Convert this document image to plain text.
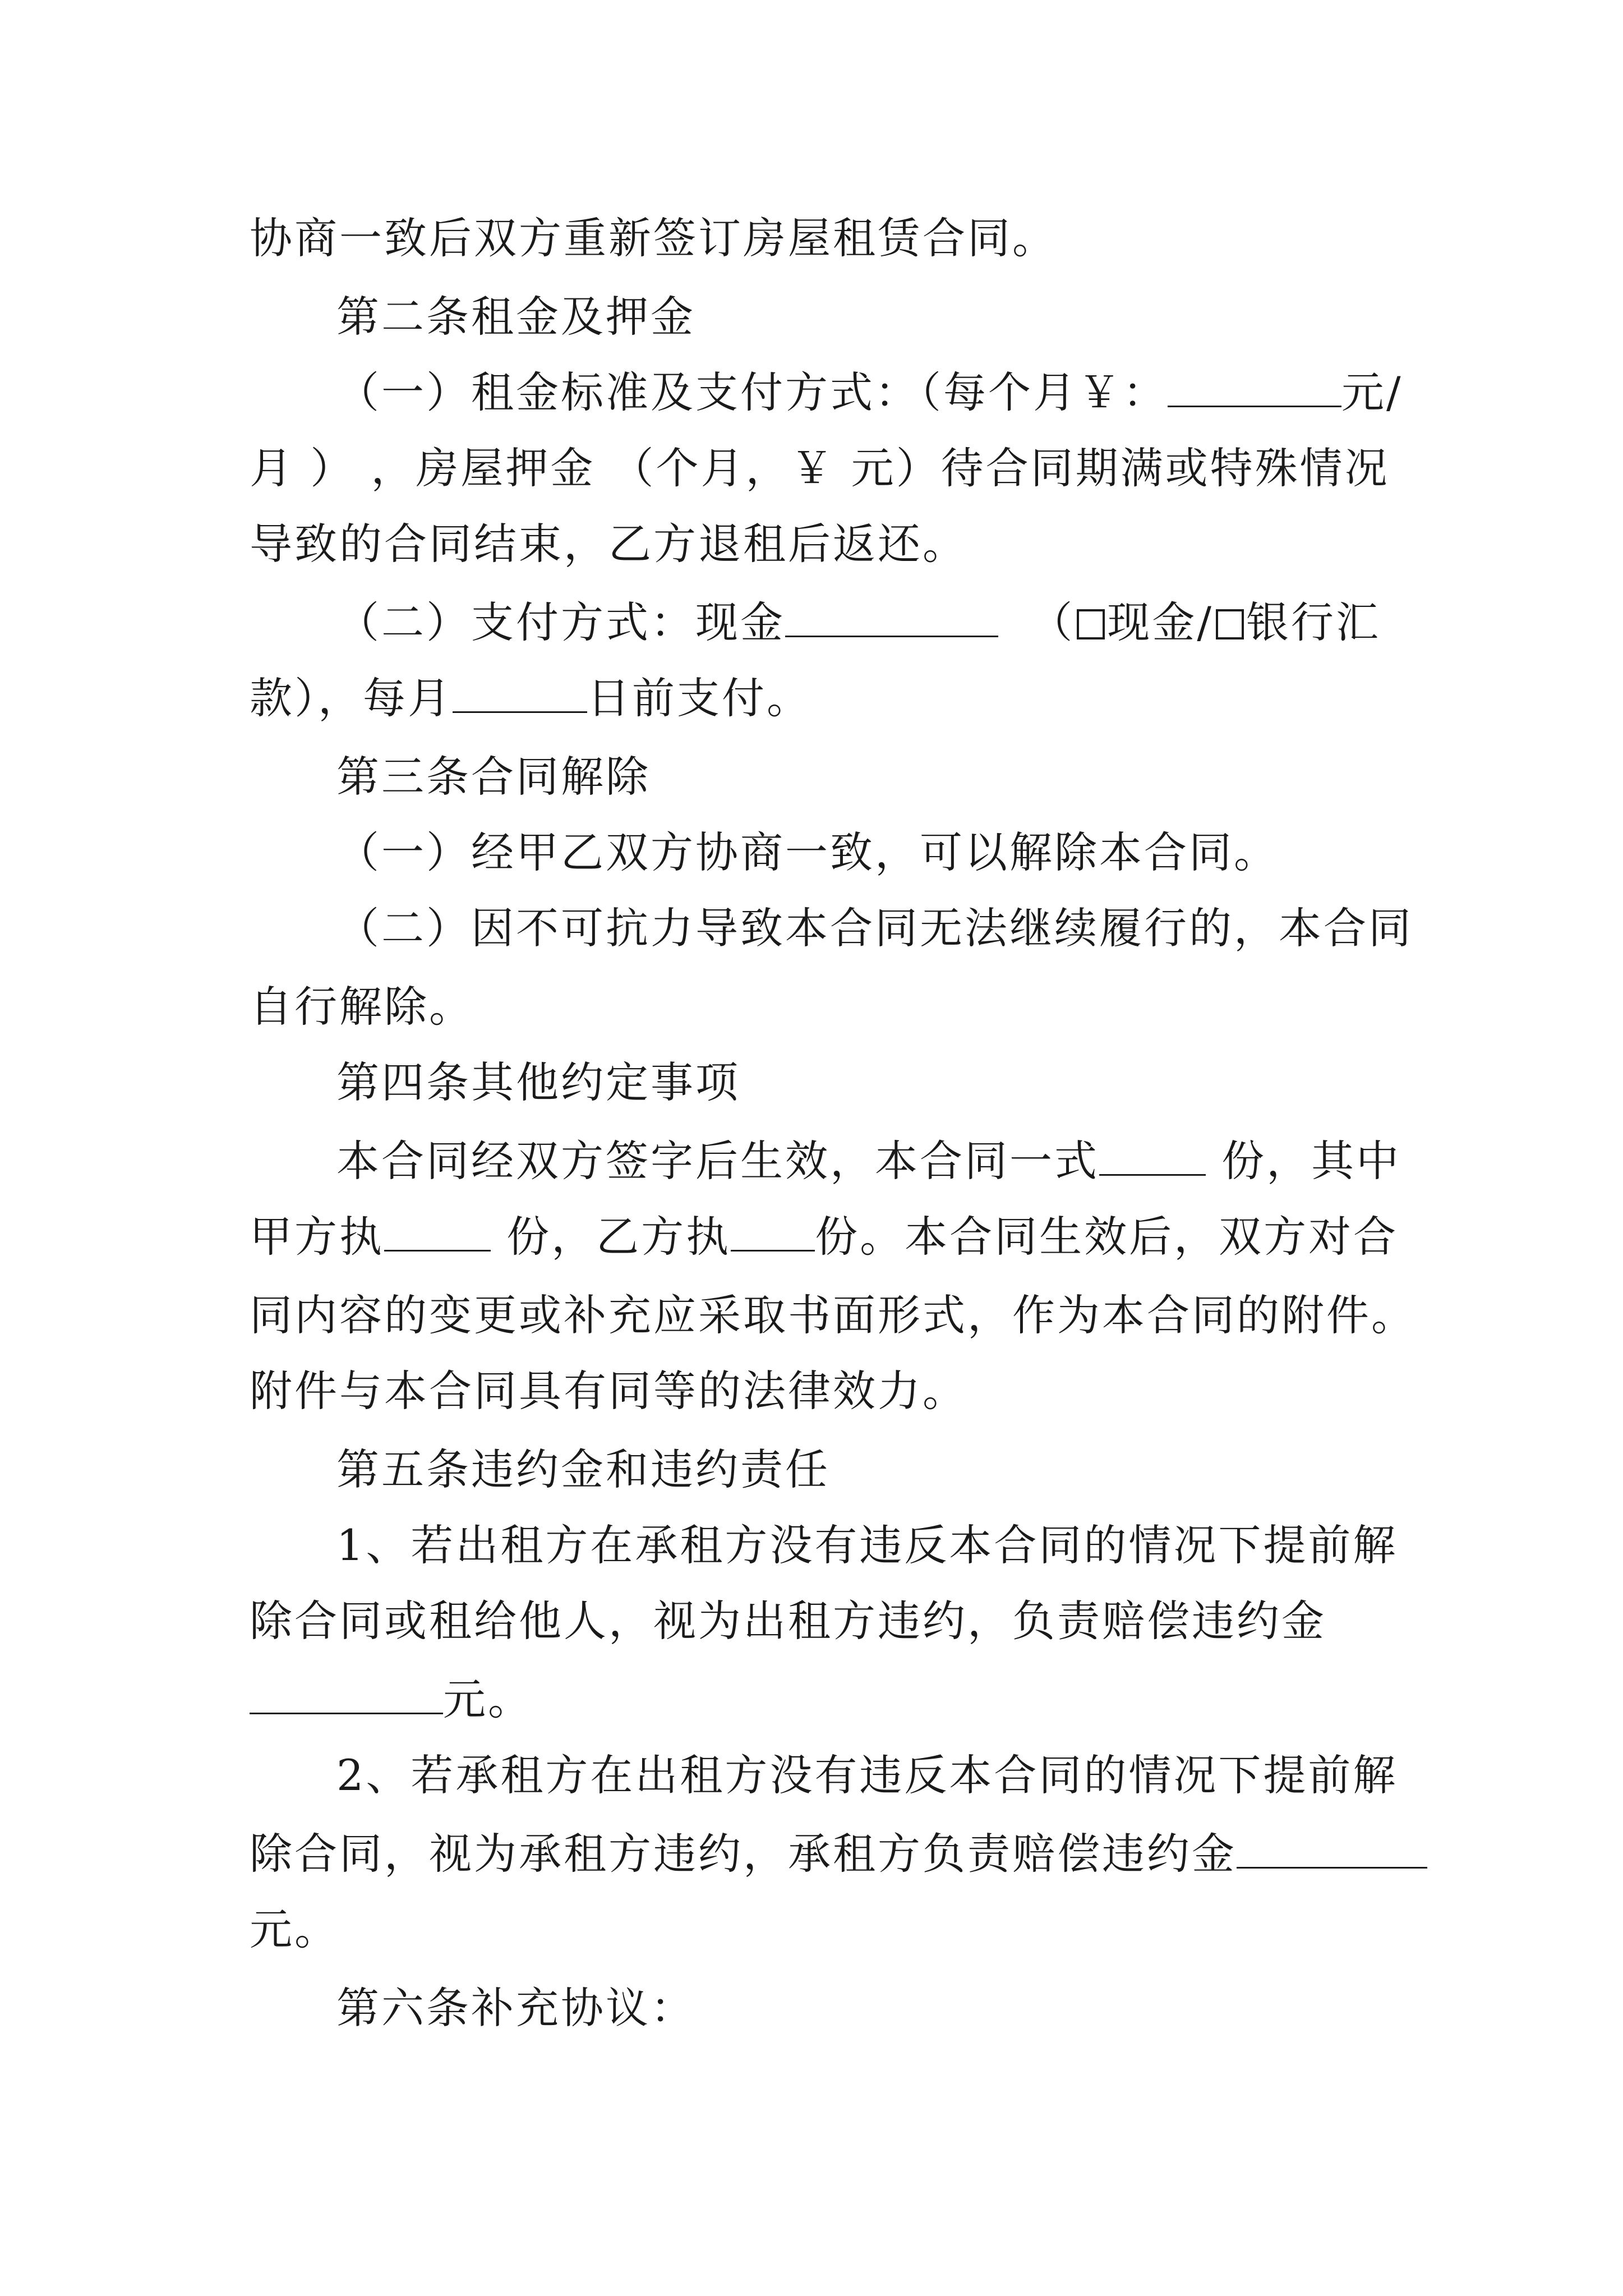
协商一致后双方重新签订房屋租赁合同。
第二条租金及押金
（一）租金标准及支付方式：（每个月￥：	元/
月 ） ，房屋押金 （个月，￥ 元）待合同期满或特殊情况
导致的合同结束，乙方退租后返还。
（二）支付方式：现金	（ 现金/ 银行汇
款），每月	日前支付。
第三条合同解除
（一）经甲乙双方协商一致，可以解除本合同。
（二）因不可抗力导致本合同无法继续履行的，本合同
自行解除。
第四条其他约定事项
本合同经双方签字后生效，本合同一式	份，其中
甲方执	份，乙方执 份。本合同生效后，双方对合
同内容的变更或补充应采取书面形式，作为本合同的附件。
附件与本合同具有同等的法律效力。
第五条违约金和违约责任
1、若出租方在承租方没有违反本合同的情况下提前解
除合同或租给他人，视为出租方违约，负责赔偿违约金
元。
2、若承租方在出租方没有违反本合同的情况下提前解
除合同，视为承租方违约，承租方负责赔偿违约金
元。
第六条补充协议：
